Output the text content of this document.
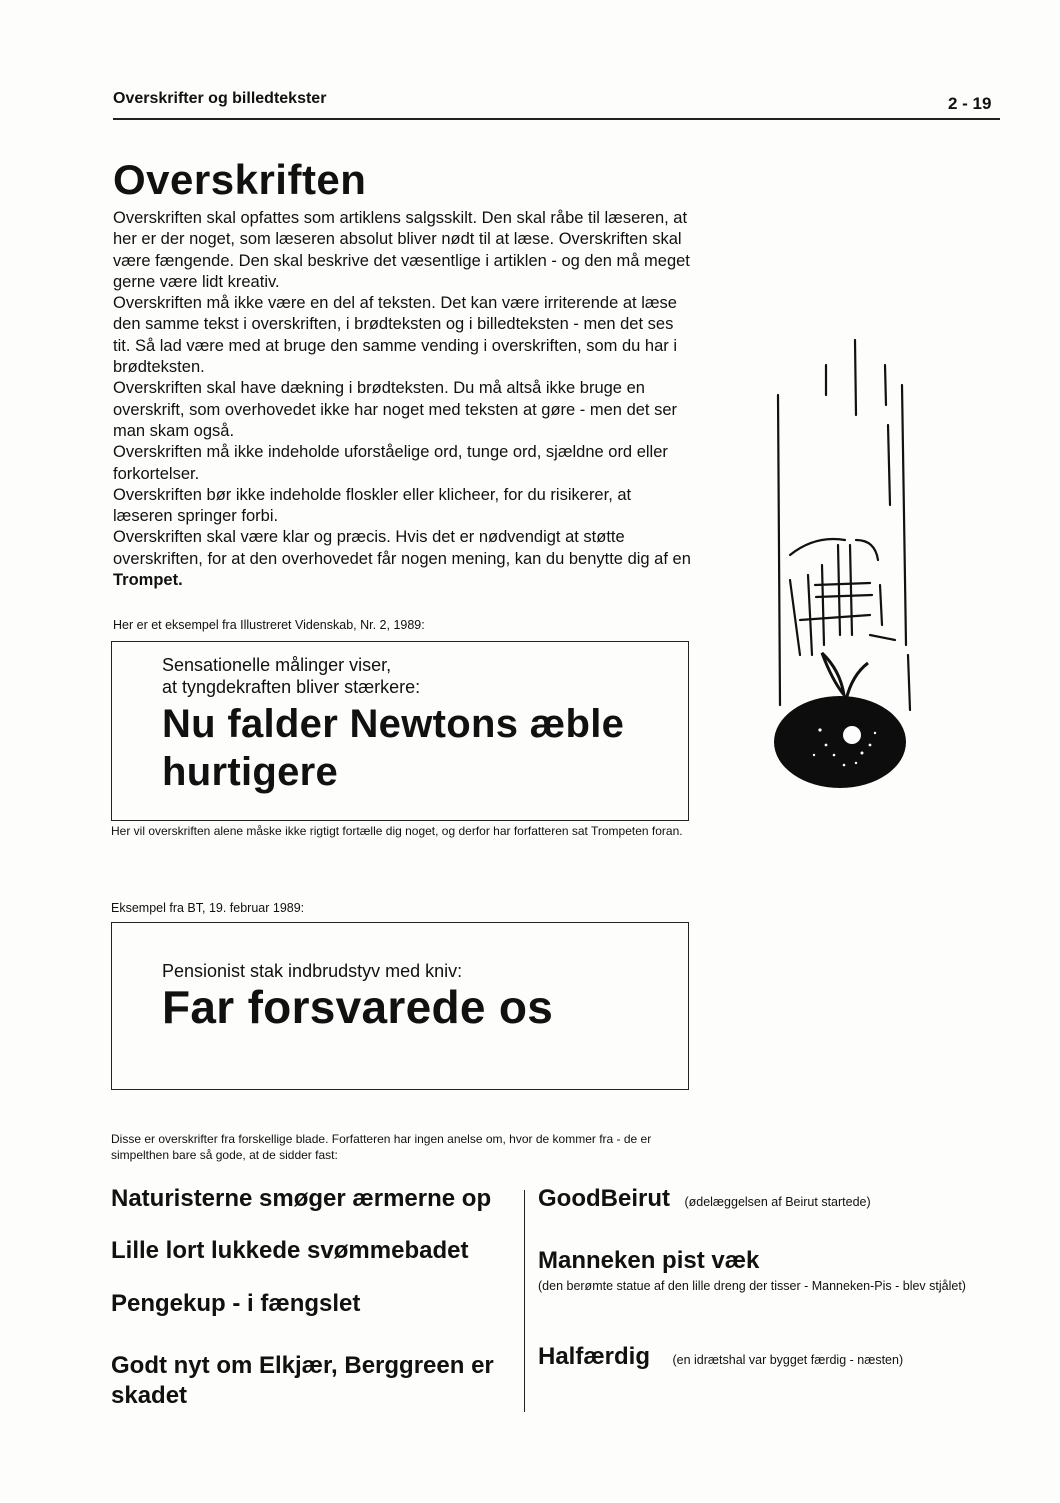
Overskrifter og billedtekster	2 - 19
Overskriften

Overskriften skal opfattes som artiklens salgsskilt. Den skal råbe til læseren, at her er der noget, som læseren absolut bliver nødt til at læse. Overskriften skal være fængende. Den skal beskrive det væsentlige i artiklen - og den må meget gerne være lidt kreativ.

Overskriften må ikke være en del af teksten. Det kan være irriterende at læse den samme tekst i overskriften, i brødteksten og i billedteksten - men det ses tit. Så lad være med at bruge den samme vending i overskriften, som du har i brødteksten.

Overskriften skal have dækning i brødteksten. Du må altså ikke bruge en overskrift, som overhovedet ikke har noget med teksten at gøre - men det ser man skam også.

Overskriften må ikke indeholde uforståelige ord, tunge ord, sjældne ord eller forkortelser.

Overskriften bør ikke indeholde floskler eller klicheer, for du risikerer, at læseren springer forbi.

Overskriften skal være klar og præcis. Hvis det er nødvendigt at støtte overskriften, for at den overhovedet får nogen mening, kan du benytte dig af en Trompet.

Her er et eksempel fra Illustreret Videnskab, Nr. 2, 1989:
Sensationelle målinger viser,
at tyngdekraften bliver stærkere:
Nu falder Newtons æble
hurtigere
Her vil overskriften alene måske ikke rigtigt fortælle dig noget, og derfor har forfatteren sat Trompeten foran.
Eksempel fra BT, 19. februar 1989:
Pensionist stak indbrudstyv med kniv:
Far forsvarede os
Disse er overskrifter fra forskellige blade. Forfatteren har ingen anelse om, hvor de kommer fra - de er simpelthen bare så gode, at de sidder fast:
Naturisterne smøger ærmerne op
Lille lort lukkede svømmebadet
Pengekup - i fængslet
Godt nyt om Elkjær, Berggreen er skadet
GoodBeirut (ødelæggelsen af Beirut startede)
Manneken pist væk
(den berømte statue af den lille dreng der tisser - Manneken-Pis - blev stjålet)
Halfærdig (en idrætshal var bygget færdig - næsten)
